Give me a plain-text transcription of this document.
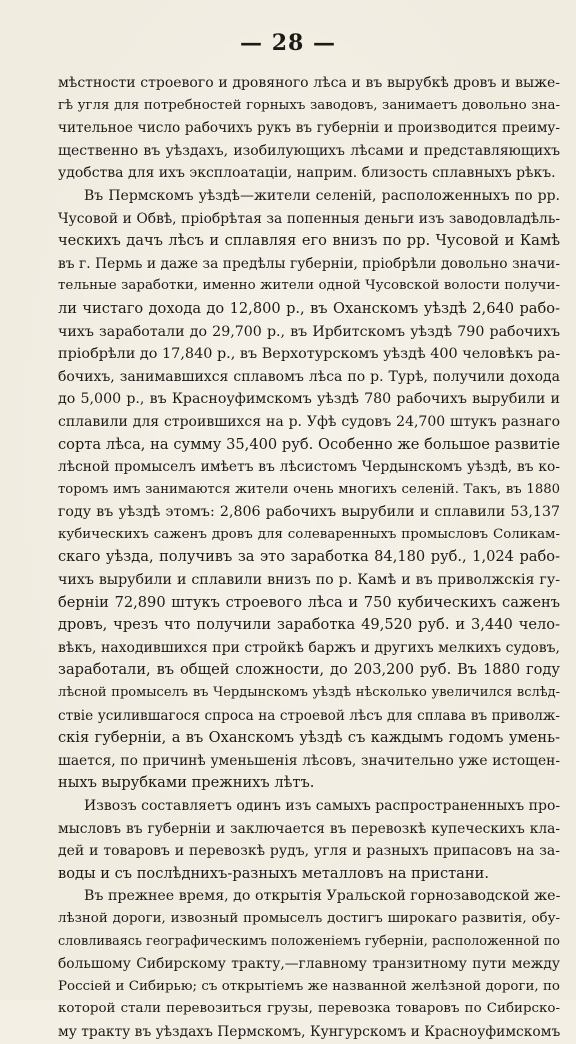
— 28 —
мѣстности строевого и дровяного лѣса и въ вырубкѣ дровъ и выжe-
гѣ угля для потребностей горныхъ заводовъ, занимаетъ довольно зна-
чительное число рабочихъ рукъ въ губерніи и производится преиму-
щественно въ уѣздахъ, изобилующихъ лѣсами и представляющихъ
удобства для ихъ эксплоатаціи, наприм. близость сплавныхъ рѣкъ.
Въ Пермскомъ уѣздѣ—жители селеній, расположенныхъ по рр.
Чусовой и Обвѣ, пріобрѣтая за попенныя деньги изъ заводовладѣль-
ческихъ дачъ лѣсъ и сплавляя его внизъ по рр. Чусовой и Камѣ
въ г. Пермь и даже за предѣлы губерніи, пріобрѣли довольно значи-
тельные заработки, именно жители одной Чусовской волости получи-
ли чистаго дохода до 12,800 р., въ Оханскомъ уѣздѣ 2,640 рабо-
чихъ заработали до 29,700 р., въ Ирбитскомъ уѣздѣ 790 рабочихъ
пріобрѣли до 17,840 р., въ Верхотурскомъ уѣздѣ 400 человѣкъ ра-
бочихъ, занимавшихся сплавомъ лѣса по р. Турѣ, получили дохода
до 5,000 р., въ Красноуфимскомъ уѣздѣ 780 рабочихъ вырубили и
сплавили для строившихся на р. Уфѣ судовъ 24,700 штукъ разнаго
сорта лѣса, на сумму 35,400 руб. Особенно же большое развитіе
лѣсной промыселъ имѣетъ въ лѣсистомъ Чердынскомъ уѣздѣ, въ ко-
торомъ имъ занимаются жители очень многихъ селеній. Такъ, въ 1880
году въ уѣздѣ этомъ: 2,806 рабочихъ вырубили и сплавили 53,137
кубическихъ саженъ дровъ для солеваренныхъ промысловъ Соликам-
скаго уѣзда, получивъ за это заработка 84,180 руб., 1,024 рабо-
чихъ вырубили и сплавили внизъ по р. Камѣ и въ приволжскія гу-
берніи 72,890 штукъ строевого лѣса и 750 кубическихъ саженъ
дровъ, чрезъ что получили заработка 49,520 руб. и 3,440 чело-
вѣкъ, находившихся при стройкѣ баржъ и другихъ мелкихъ судовъ,
заработали, въ общей сложности, до 203,200 руб. Въ 1880 году
лѣсной промыселъ въ Чердынскомъ уѣздѣ нѣсколько увеличился вслѣд-
ствіе усилившагося спроса на строевой лѣсъ для сплава въ приволж-
скія губерніи, а въ Оханскомъ уѣздѣ съ каждымъ годомъ умень-
шается, по причинѣ уменьшенія лѣсовъ, значительно уже истощен-
ныхъ вырубками прежнихъ лѣтъ.
Извозъ составляетъ одинъ изъ самыхъ распространенныхъ про-
мысловъ въ губерніи и заключается въ перевозкѣ купеческихъ кла-
дей и товаровъ и перевозкѣ рудъ, угля и разныхъ припасовъ на за-
воды и съ послѣднихъ-разныхъ металловъ на пристани.
Въ прежнее время, до открытія Уральской горнозаводской же-
лѣзной дороги, извозный промыселъ достигъ широкаго развитія, обу-
словливаясь географическимъ положеніемъ губерніи, расположенной по
большому Сибирскому тракту,—главному транзитному пути между
Россіей и Сибирью; съ открытіемъ же названной желѣзной дороги, по
которой стали перевозиться грузы, перевозка товаровъ по Сибирско-
му тракту въ уѣздахъ Пермскомъ, Кунгурскомъ и Красноуфимскомъ
